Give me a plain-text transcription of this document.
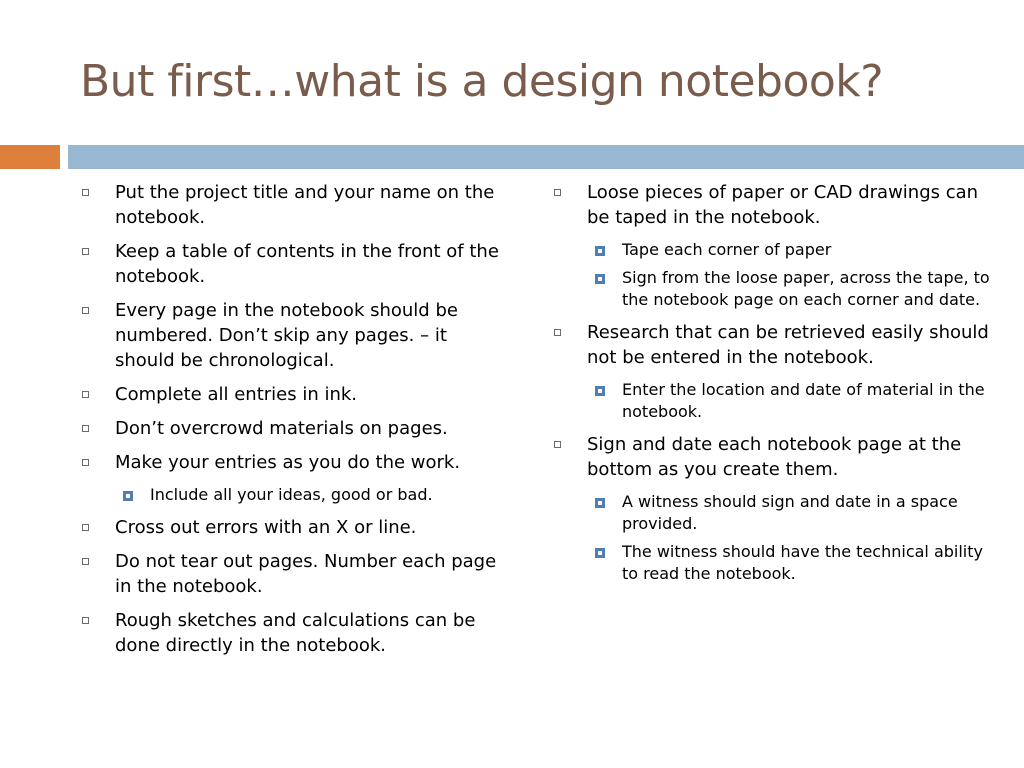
But first…what is a design notebook?
Put the project title and your name on the notebook.
Keep a table of contents in the front of the notebook.
Every page in the notebook should be numbered. Don’t skip any pages. – it should be chronological.
Complete all entries in ink.
Don’t overcrowd materials on pages.
Make your entries as you do the work.
Include all your ideas, good or bad.
Cross out errors with an X or line.
Do not tear out pages. Number each page in the notebook.
Rough sketches and calculations can be done directly in the notebook.
Loose pieces of paper or CAD drawings can be taped in the notebook.
Tape each corner of paper
Sign from the loose paper, across the tape, to the notebook page on each corner and date.
Research that can be retrieved easily should not be entered in the notebook.
Enter the location and date of material in the notebook.
Sign and date each notebook page at the bottom as you create them.
A witness should sign and date in a space provided.
The witness should have the technical ability to read the notebook.
